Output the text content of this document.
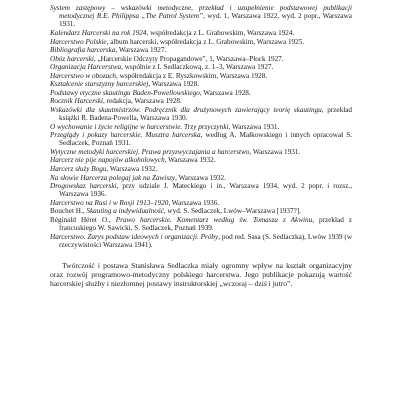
System zastępowy – wskazówki metodyczne, przekład i uzupełnienie podstawowej publikacji metodycznej R.E. Philippsa „The Patrol System”, wyd. 1, Warszawa 1922, wyd. 2 popr., Warszawa 1931.
Kalendarz Harcerski na rok 1924, współredakcja z L. Grabowskim, Warszawa 1924.
Harcerstwo Polskie, album harcerski, współredakcja z L. Grabowskim, Warszawa 1925.
Bibliografia harcerska, Warszawa 1927.
Obóz harcerski, „Harcerskie Odczyty Propagandowe”, 1, Warszawa–Płock 1927.
Organizacja Harcerstwa, wspólnie z I. Sedlaczkową, z. 1–3, Warszawa 1927.
Harcerstwo w obozach, współredakcja z E. Ryszkowskim, Warszawa 1928.
Kształcenie starszyzny harcerskiej, Warszawa 1928.
Podstawy etyczne skautingu Baden-Powellowskiego, Warszawa 1928.
Rocznik Harcerski, redakcja, Warszawa 1928.
Wskazówki dla skautmistrzów. Podręcznik dla drużynowych zawierający teorię skautingu, przekład książki R. Badena-Powella, Warszawa 1930.
O wychowanie i życie religijne w harcerstwie. Trzy przyczynki, Warszawa 1931.
Przeglądy i pokazy harcerskie. Musztra harcerska, według A. Małkowskiego i innych opracował S. Sedlaczek, Poznań 1931.
Wytyczne metodyki harcerskiej. Prawa przyzwyczajania a harcerstwo, Warszawa 1931.
Harcerz nie pije napojów alkoholowych, Warszawa 1932.
Harcerz służy Bogu, Warszawa 1932.
Na słowie Harcerza polegaj jak na Zawiszy, Warszawa 1932.
Drogowskaz harcerski, przy udziale J. Mateckiego i in., Warszawa 1934, wyd. 2 popr. i rozsz., Warszawa 1936.
Harcerstwo na Rusi i w Rosji 1913–1920, Warszawa 1936.
Bouchet H., Skauting a indywidualność, wyd. S. Sedlaczek, Lwów–Warszawa [1937?].
Réginald Héret O., Prawo harcerskie. Komentarz według św. Tomasza z Akwinu, przekład z francuskiego W. Sawicki, S. Sedlaczek, Poznań 1939.
Harcerstwo. Zarys podstaw ideowych i organizacji. Próby, pod red. Sasa (S. Sedlaczka), Lwów 1939 (w rzeczywistości Warszawa 1941).

Twórczość i postawa Stanisława Sedlaczka miały ogromny wpływ na kształt organizacyjny oraz rozwój programowo-metodyczny polskiego harcerstwa. Jego publikacje pokazują wartość harcerskiej służby i niezłomnej postawy instruktorskiej „wczoraj – dziś i jutro”.
